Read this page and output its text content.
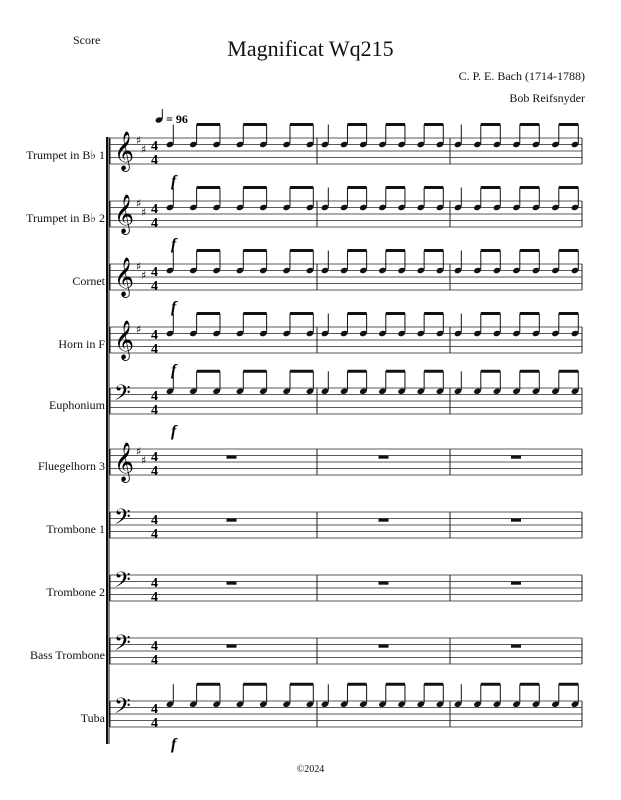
Score	Magnificat Wq215
C. P. E. Bach (1714-1788)
Bob Reifsnyder
Trumpet in B♭ 1
Trumpet in B♭ 2
Cornet
Horn in F
Euphonium
Fluegelhorn 3
Trombone 1
Trombone 2
Bass Trombone
Tuba
= 96
𝄞 ♯
♯ 4
4
f
𝄞 ♯
♯ 4
4
f
𝄞 ♯
♯ 4
4
f
𝄞 ♯ 4
4
f
𝄢 4
4
f
𝄞 ♯
♯ 4
4
𝄢 4
4
𝄢 4
4
𝄢 4
4
𝄢 4
4
f
©2024
